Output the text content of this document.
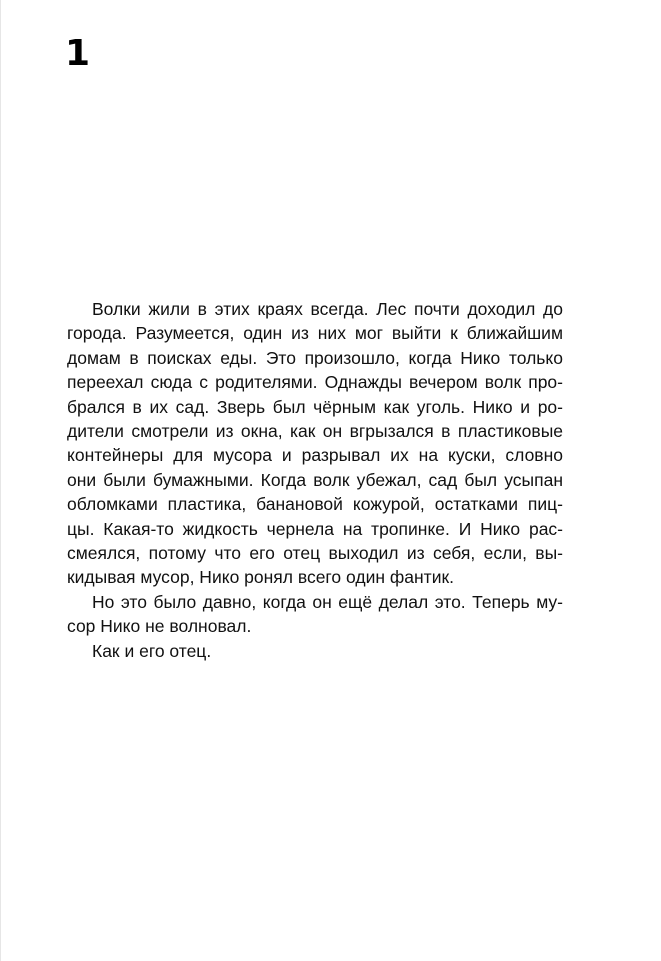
1
Волки жили в этих краях всегда. Лес почти доходил до
города. Разумеется, один из них мог выйти к ближайшим
домам в поисках еды. Это произошло, когда Нико только
переехал сюда с родителями. Однажды вечером волк про-
брался в их сад. Зверь был чёрным как уголь. Нико и ро-
дители смотрели из окна, как он вгрызался в пластиковые
контейнеры для мусора и разрывал их на куски, словно
они были бумажными. Когда волк убежал, сад был усыпан
обломками пластика, банановой кожурой, остатками пиц-
цы. Какая-то жидкость чернела на тропинке. И Нико рас-
смеялся, потому что его отец выходил из себя, если, вы-
кидывая мусор, Нико ронял всего один фантик.
Но это было давно, когда он ещё делал это. Теперь му-
сор Нико не волновал.
Как и его отец.
